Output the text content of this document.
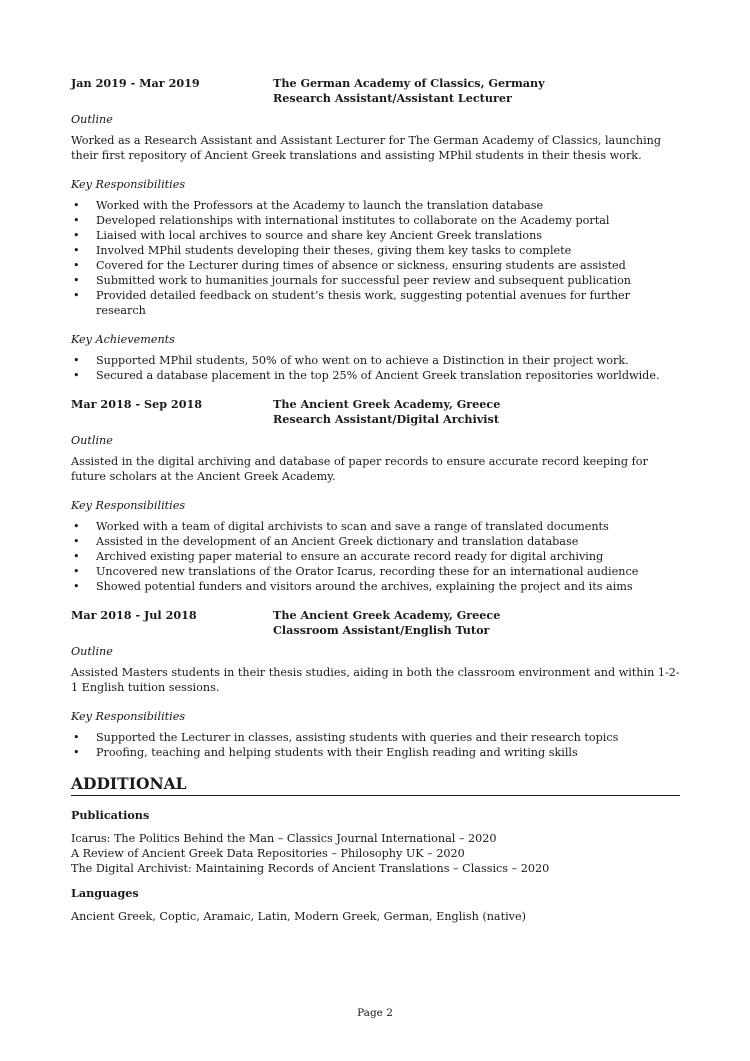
Jan 2019 - Mar 2019	The German Academy of Classics, Germany
Research Assistant/Assistant Lecturer
Outline

Worked as a Research Assistant and Assistant Lecturer for The German Academy of Classics, launching their first repository of Ancient Greek translations and assisting MPhil students in their thesis work.

Key Responsibilities
• Worked with the Professors at the Academy to launch the translation database
• Developed relationships with international institutes to collaborate on the Academy portal
• Liaised with local archives to source and share key Ancient Greek translations
• Involved MPhil students developing their theses, giving them key tasks to complete
• Covered for the Lecturer during times of absence or sickness, ensuring students are assisted
• Submitted work to humanities journals for successful peer review and subsequent publication
• Provided detailed feedback on student’s thesis work, suggesting potential avenues for further research
Key Achievements
• Supported MPhil students, 50% of who went on to achieve a Distinction in their project work.
• Secured a database placement in the top 25% of Ancient Greek translation repositories worldwide.
Mar 2018 - Sep 2018	The Ancient Greek Academy, Greece
Research Assistant/Digital Archivist
Outline

Assisted in the digital archiving and database of paper records to ensure accurate record keeping for future scholars at the Ancient Greek Academy.

Key Responsibilities
• Worked with a team of digital archivists to scan and save a range of translated documents
• Assisted in the development of an Ancient Greek dictionary and translation database
• Archived existing paper material to ensure an accurate record ready for digital archiving
• Uncovered new translations of the Orator Icarus, recording these for an international audience
• Showed potential funders and visitors around the archives, explaining the project and its aims
Mar 2018 - Jul 2018	The Ancient Greek Academy, Greece
Classroom Assistant/English Tutor
Outline

Assisted Masters students in their thesis studies, aiding in both the classroom environment and within 1-2-1 English tuition sessions.

Key Responsibilities
• Supported the Lecturer in classes, assisting students with queries and their research topics
• Proofing, teaching and helping students with their English reading and writing skills
ADDITIONAL
Publications
Icarus: The Politics Behind the Man – Classics Journal International – 2020
A Review of Ancient Greek Data Repositories – Philosophy UK – 2020
The Digital Archivist: Maintaining Records of Ancient Translations – Classics – 2020
Languages
Ancient Greek, Coptic, Aramaic, Latin, Modern Greek, German, English (native)
Page 2
